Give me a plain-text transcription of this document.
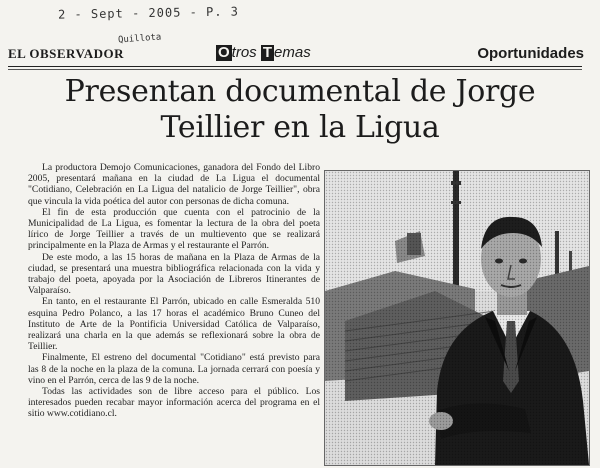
2 - Sept - 2005 - P. 3
Quillota
EL OBSERVADOR	O tros T emas	Oportunidades
Presentan documental de Jorge
Teillier en la Ligua

La productora Demojo Comunicaciones, ganadora del Fondo del Libro 2005, presentará mañana en la ciudad de La Ligua el documental "Cotidiano, Celebración en La Ligua del natalicio de Jorge Teillier", obra que vincula la vida poética del autor con personas de dicha comuna.

El fin de esta producción que cuenta con el patrocinio de la Municipalidad de La Ligua, es fomentar la lectura de la obra del poeta lírico de Jorge Teillier a través de un multievento que se realizará principalmente en la Plaza de Armas y el restaurante el Parrón.

De este modo, a las 15 horas de mañana en la Plaza de Armas de la ciudad, se presentará una muestra bibliográfica relacionada con la vida y trabajo del poeta, apoyada por la Asociación de Libreros Itinerantes de Valparaíso.

En tanto, en el restaurante El Parrón, ubicado en calle Esmeralda 510 esquina Pedro Polanco, a las 17 horas el académico Bruno Cuneo del Instituto de Arte de la Pontificia Universidad Católica de Valparaíso, realizará una charla en la que además se reflexionará sobre la obra de Teillier.

Finalmente, El estreno del documental "Cotidiano" está previsto para las 8 de la noche en la plaza de la comuna. La jornada cerrará con poesía y vino en el Parrón, cerca de las 9 de la noche.

Todas las actividades son de libre acceso para el público. Los interesados pueden recabar mayor información acerca del programa en el sitio www.cotidiano.cl.
